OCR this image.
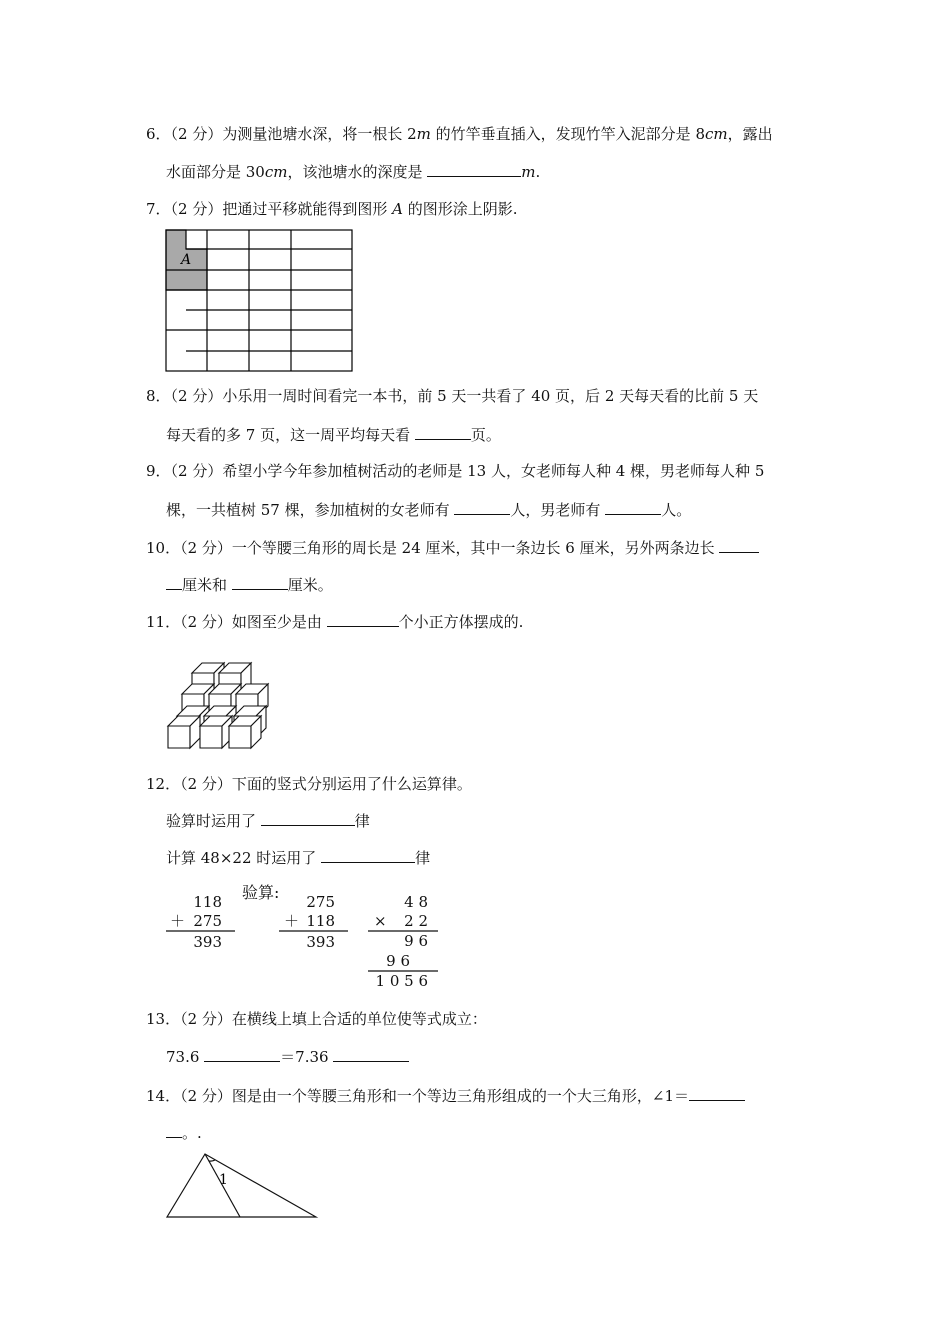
6．（2 分）为测量池塘水深，将一根长 2m 的竹竿垂直插入，发现竹竿入泥部分是 8cm，露出
水面部分是 30cm，该池塘水的深度是	m.
7．（2 分）把通过平移就能得到图形 A 的图形涂上阴影.
A
8．（2 分）小乐用一周时间看完一本书，前 5 天一共看了 40 页，后 2 天每天看的比前 5 天
每天看的多 7 页，这一周平均每天看	页。
9．（2 分）希望小学今年参加植树活动的老师是 13 人，女老师每人种 4 棵，男老师每人种 5
棵，一共植树 57 棵，参加植树的女老师有	人，男老师有	人。
10．（2 分）一个等腰三角形的周长是 24 厘米，其中一条边长 6 厘米，另外两条边长
厘米和	厘米。
11．（2 分）如图至少是由	个小正方体摆成的.
12．（2 分）下面的竖式分别运用了什么运算律。
验算时运用了	律
计算 48×22 时运用了	律
118
＋ 275
393
验算: 275
＋ 118
393
4 8
× 2 2
9 6
9 6
1 0 5 6
13．（2 分）在横线上填上合适的单位使等式成立：
73.6	＝7.36
14．（2 分）图是由一个等腰三角形和一个等边三角形组成的一个大三角形，∠1＝
。.
1
